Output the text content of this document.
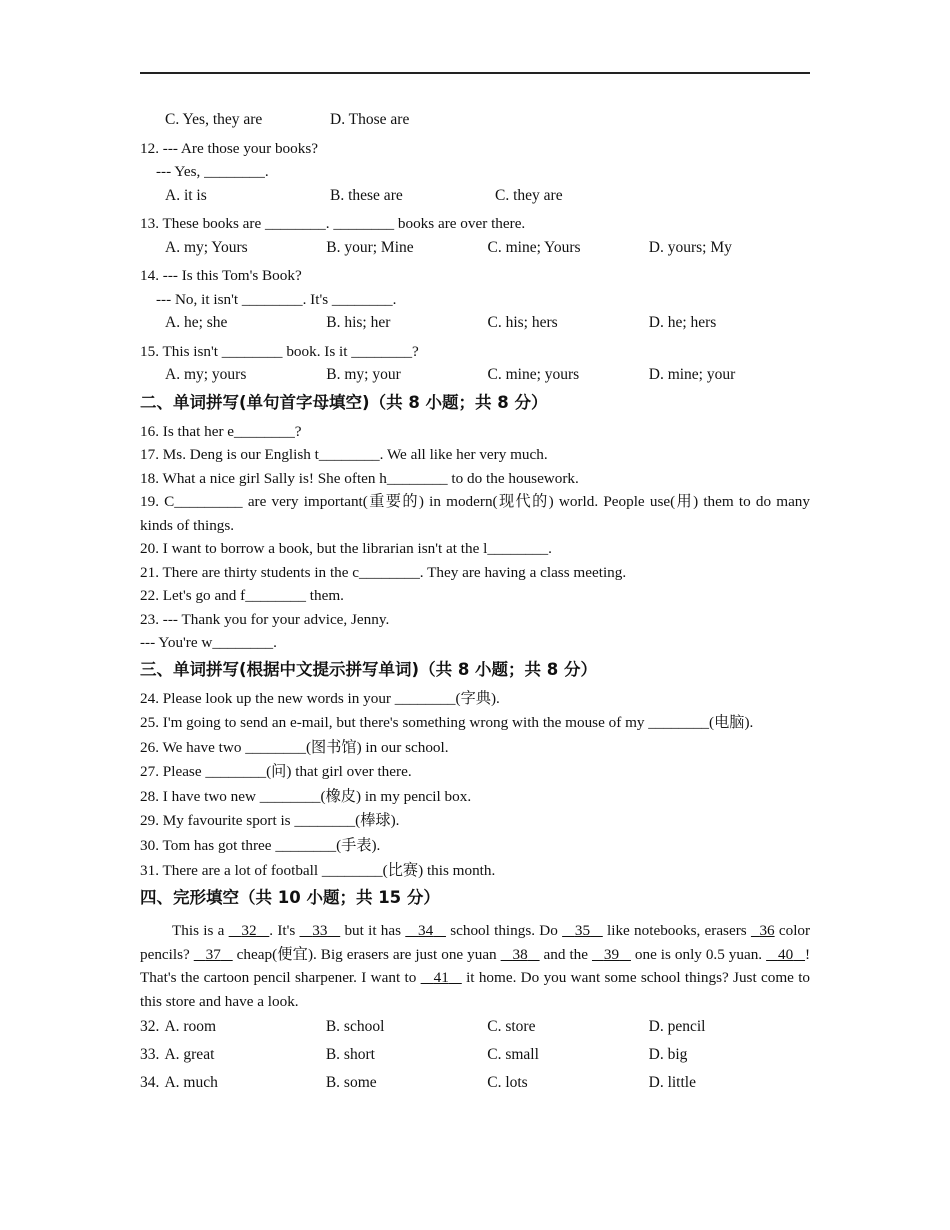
C. Yes, they are	D. Those are
12. --- Are those your books?
--- Yes, ________.
A. it is	B. these are	C. they are
13. These books are ________. ________ books are over there.
A. my; Yours	B. your; Mine	C. mine; Yours	D. yours; My
14. --- Is this Tom's Book?
--- No, it isn't ________. It's ________.
A. he; she	B. his; her	C. his; hers	D. he; hers
15. This isn't ________ book. Is it ________?
A. my; yours	B. my; your	C. mine; yours	D. mine; your
二、单词拼写(单句首字母填空)（共 8 小题；共 8 分）
16. Is that her e________?
17. Ms. Deng is our English t________. We all like her very much.
18. What a nice girl Sally is! She often h________ to do the housework.
19. C_________ are very important(重要的) in modern(现代的) world. People use(用) them to do many kinds of things.
20. I want to borrow a book, but the librarian isn't at the l________.
21. There are thirty students in the c________. They are having a class meeting.
22. Let's go and f________ them.
23. --- Thank you for your advice, Jenny.
--- You're w________.
三、单词拼写(根据中文提示拼写单词)（共 8 小题；共 8 分）
24. Please look up the new words in your ________(字典).
25. I'm going to send an e-mail, but there's something wrong with the mouse of my ________(电脑).
26. We have two ________(图书馆) in our school.
27. Please ________(问) that girl over there.
28. I have two new ________(橡皮) in my pencil box.
29. My favourite sport is ________(棒球).
30. Tom has got three ________(手表).
31. There are a lot of football ________(比赛) this month.
四、完形填空（共 10 小题；共 15 分）
This is a    32 . It's    33    but it has    34    school things. Do    35    like notebooks, erasers   36 color pencils?    37    cheap(便宜). Big erasers are just one yuan    38    and the    39    one is only 0.5 yuan.    40 ! That's the cartoon pencil sharpener. I want to    41    it home. Do you want some school things? Just come to this store and have a look.
32. A. room	B. school	C. store	D. pencil
33. A. great	B. short	C. small	D. big
34. A. much	B. some	C. lots	D. little
